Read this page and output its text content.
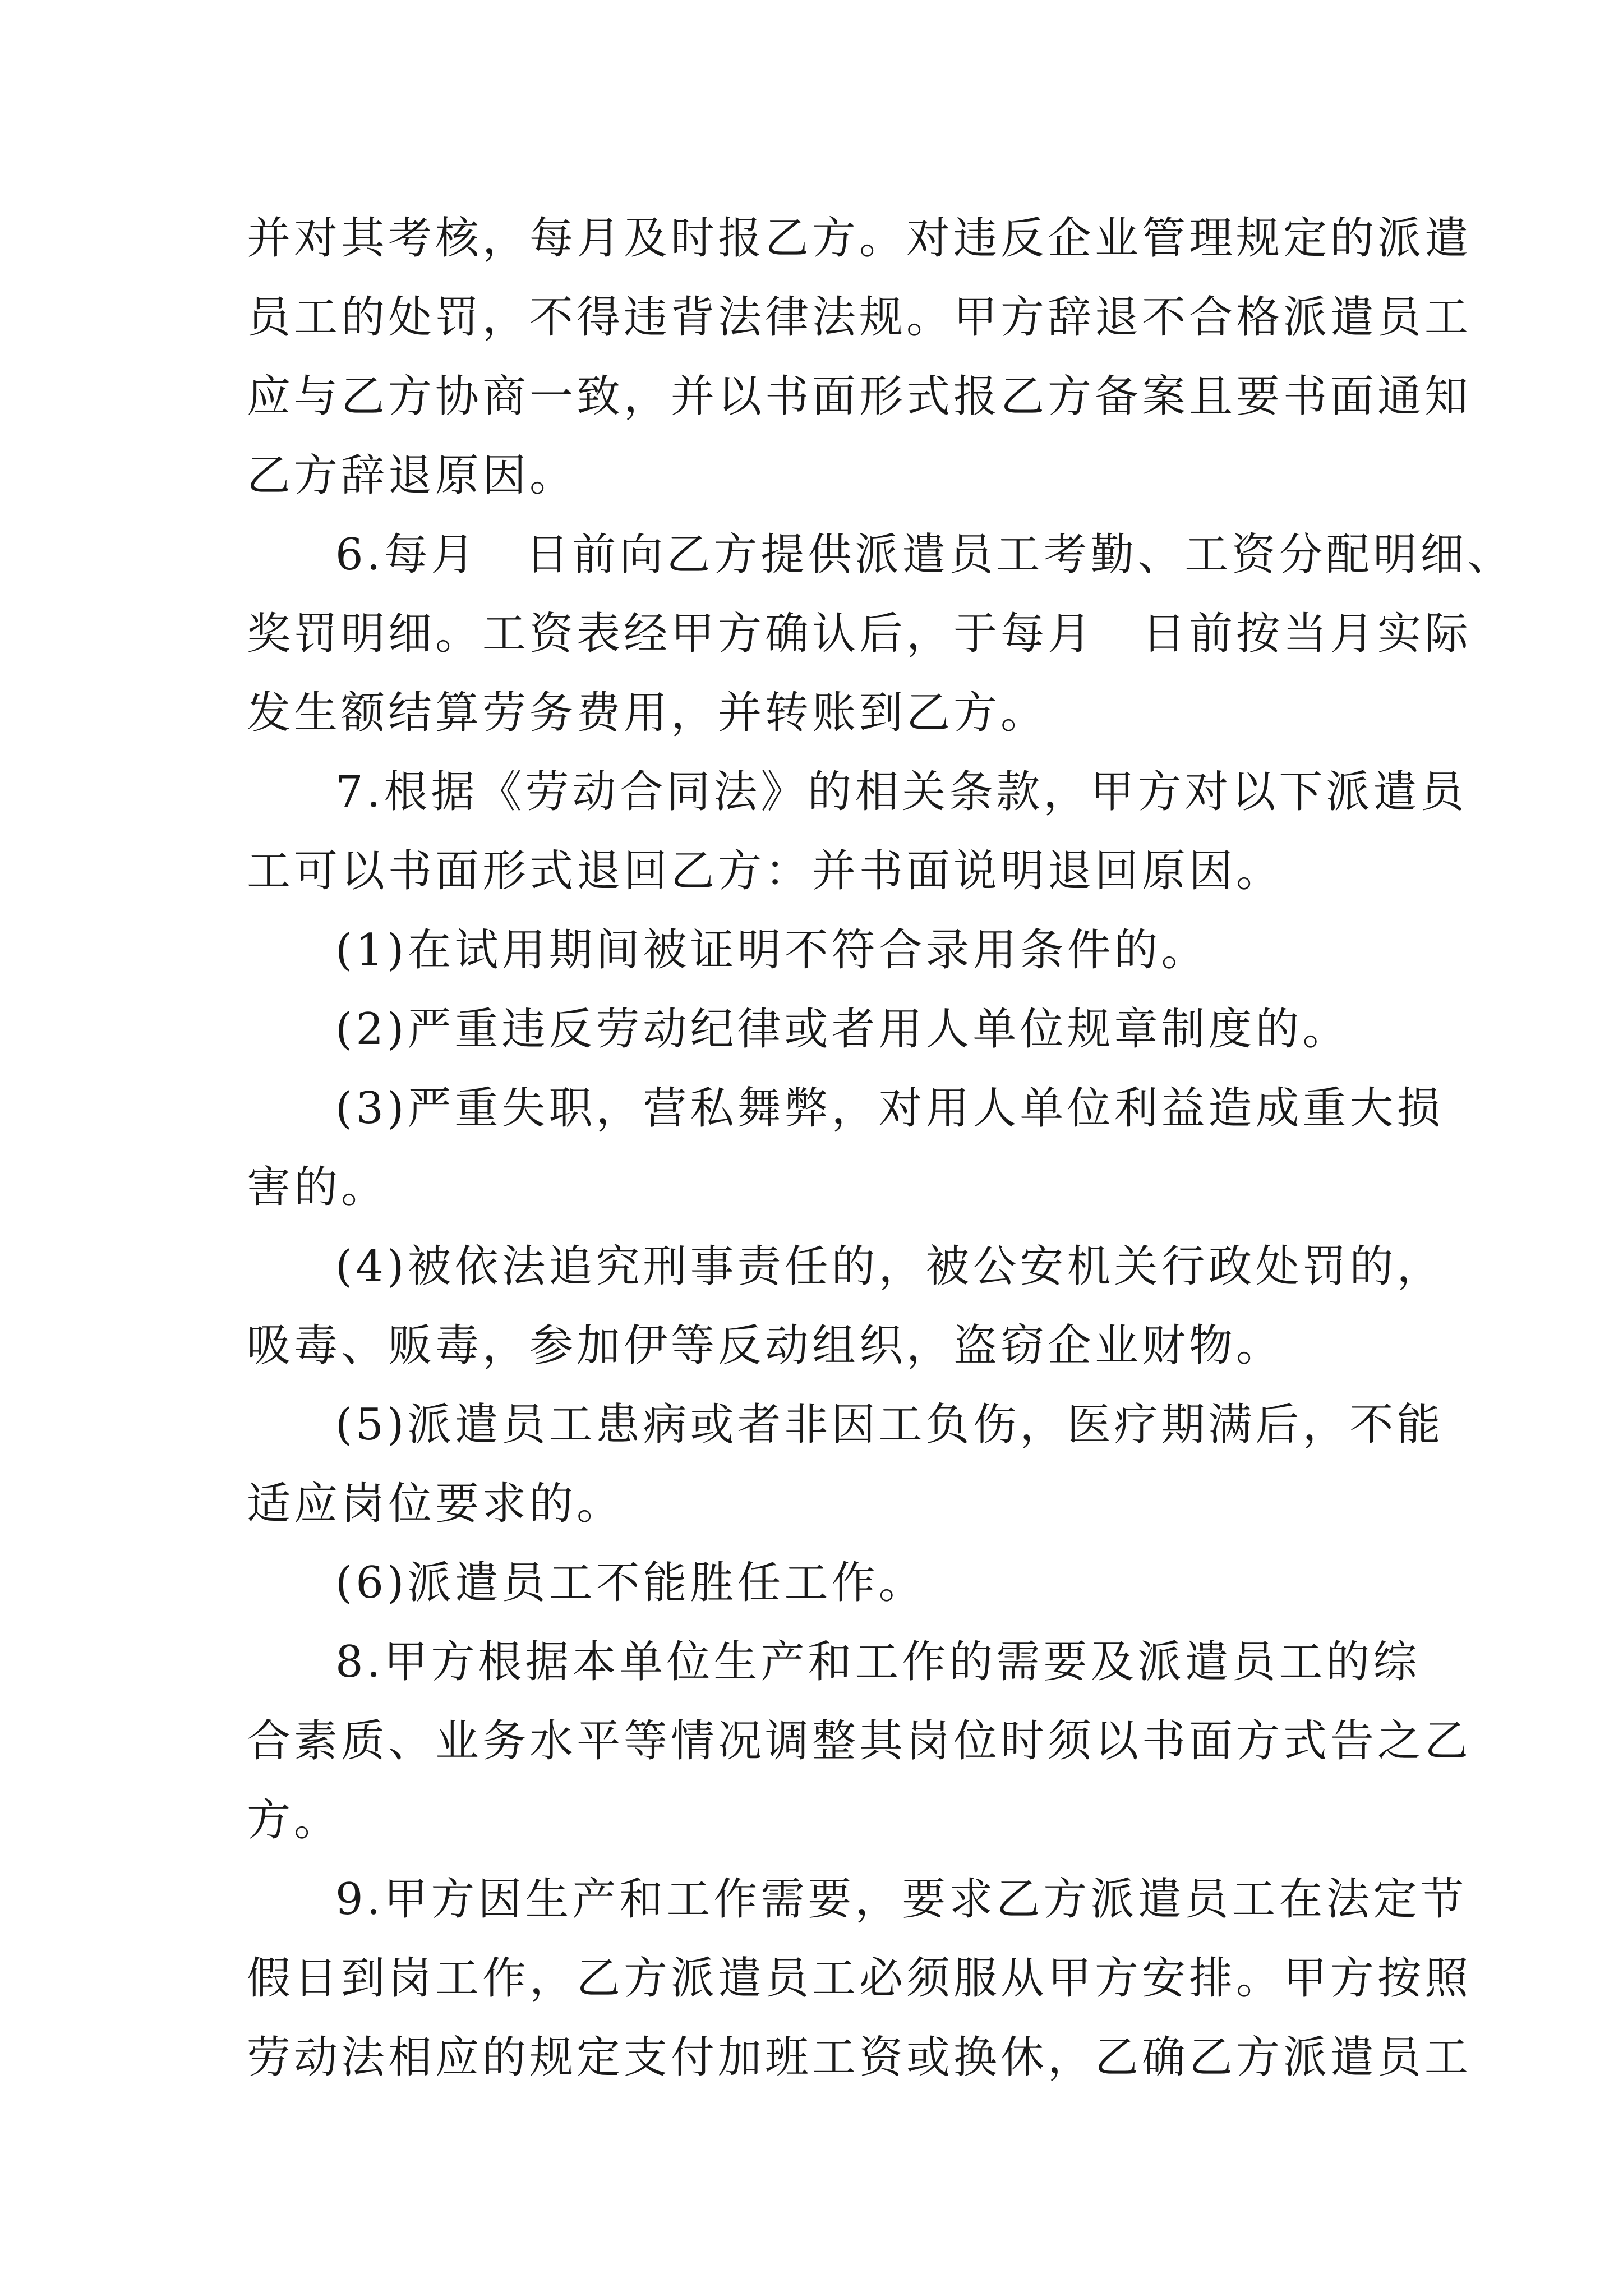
并对其考核，每月及时报乙方。对违反企业管理规定的派遣
员工的处罚，不得违背法律法规。甲方辞退不合格派遣员工
应与乙方协商一致，并以书面形式报乙方备案且要书面通知
乙方辞退原因。
6.每月　日前向乙方提供派遣员工考勤、工资分配明细、
奖罚明细。工资表经甲方确认后，于每月　日前按当月实际
发生额结算劳务费用，并转账到乙方。
7.根据《劳动合同法》的相关条款，甲方对以下派遣员
工可以书面形式退回乙方：并书面说明退回原因。
(1)在试用期间被证明不符合录用条件的。
(2)严重违反劳动纪律或者用人单位规章制度的。
(3)严重失职，营私舞弊，对用人单位利益造成重大损
害的。
(4)被依法追究刑事责任的，被公安机关行政处罚的，
吸毒、贩毒，参加伊等反动组织，盗窃企业财物。
(5)派遣员工患病或者非因工负伤，医疗期满后，不能
适应岗位要求的。
(6)派遣员工不能胜任工作。
8.甲方根据本单位生产和工作的需要及派遣员工的综
合素质、业务水平等情况调整其岗位时须以书面方式告之乙
方。
9.甲方因生产和工作需要，要求乙方派遣员工在法定节
假日到岗工作，乙方派遣员工必须服从甲方安排。甲方按照
劳动法相应的规定支付加班工资或换休，乙确乙方派遣员工
